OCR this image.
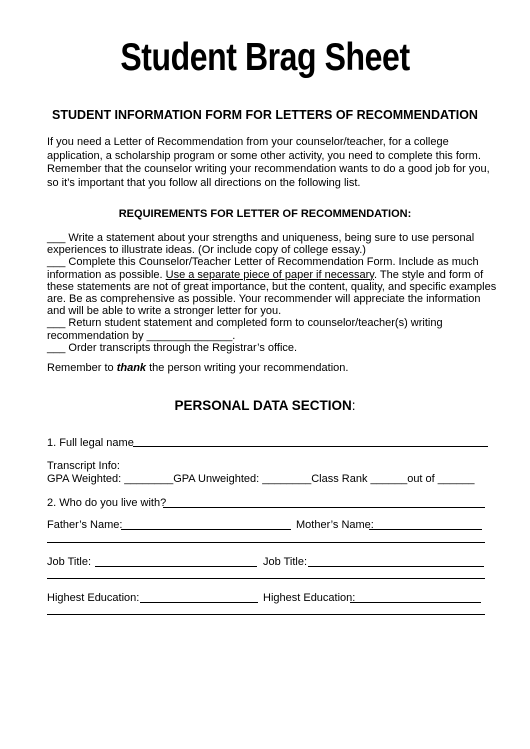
Student Brag Sheet
STUDENT INFORMATION FORM FOR LETTERS OF RECOMMENDATION
If you need a Letter of Recommendation from your counselor/teacher, for a college application, a scholarship program or some other activity, you need to complete this form. Remember that the counselor writing your recommendation wants to do a good job for you, so it’s important that you follow all directions on the following list.
REQUIREMENTS FOR LETTER OF RECOMMENDATION:

___ Write a statement about your strengths and uniqueness, being sure to use personal experiences to illustrate ideas. (Or include copy of college essay.)

___ Complete this Counselor/Teacher Letter of Recommendation Form. Include as much information as possible. Use a separate piece of paper if necessary. The style and form of these statements are not of great importance, but the content, quality, and specific examples are. Be as comprehensive as possible. Your recommender will appreciate the information and will be able to write a stronger letter for you.

___ Return student statement and completed form to counselor/teacher(s) writing recommendation by ______________.

___ Order transcripts through the Registrar’s office.

Remember to thank the person writing your recommendation.
PERSONAL DATA SECTION:
1. Full legal name
Transcript Info:
GPA Weighted: ________GPA Unweighted: ________Class Rank ______out of ______
2. Who do you live with?
Father’s Name:	Mother’s Name:
Job Title:	Job Title:
Highest Education:	Highest Education:
